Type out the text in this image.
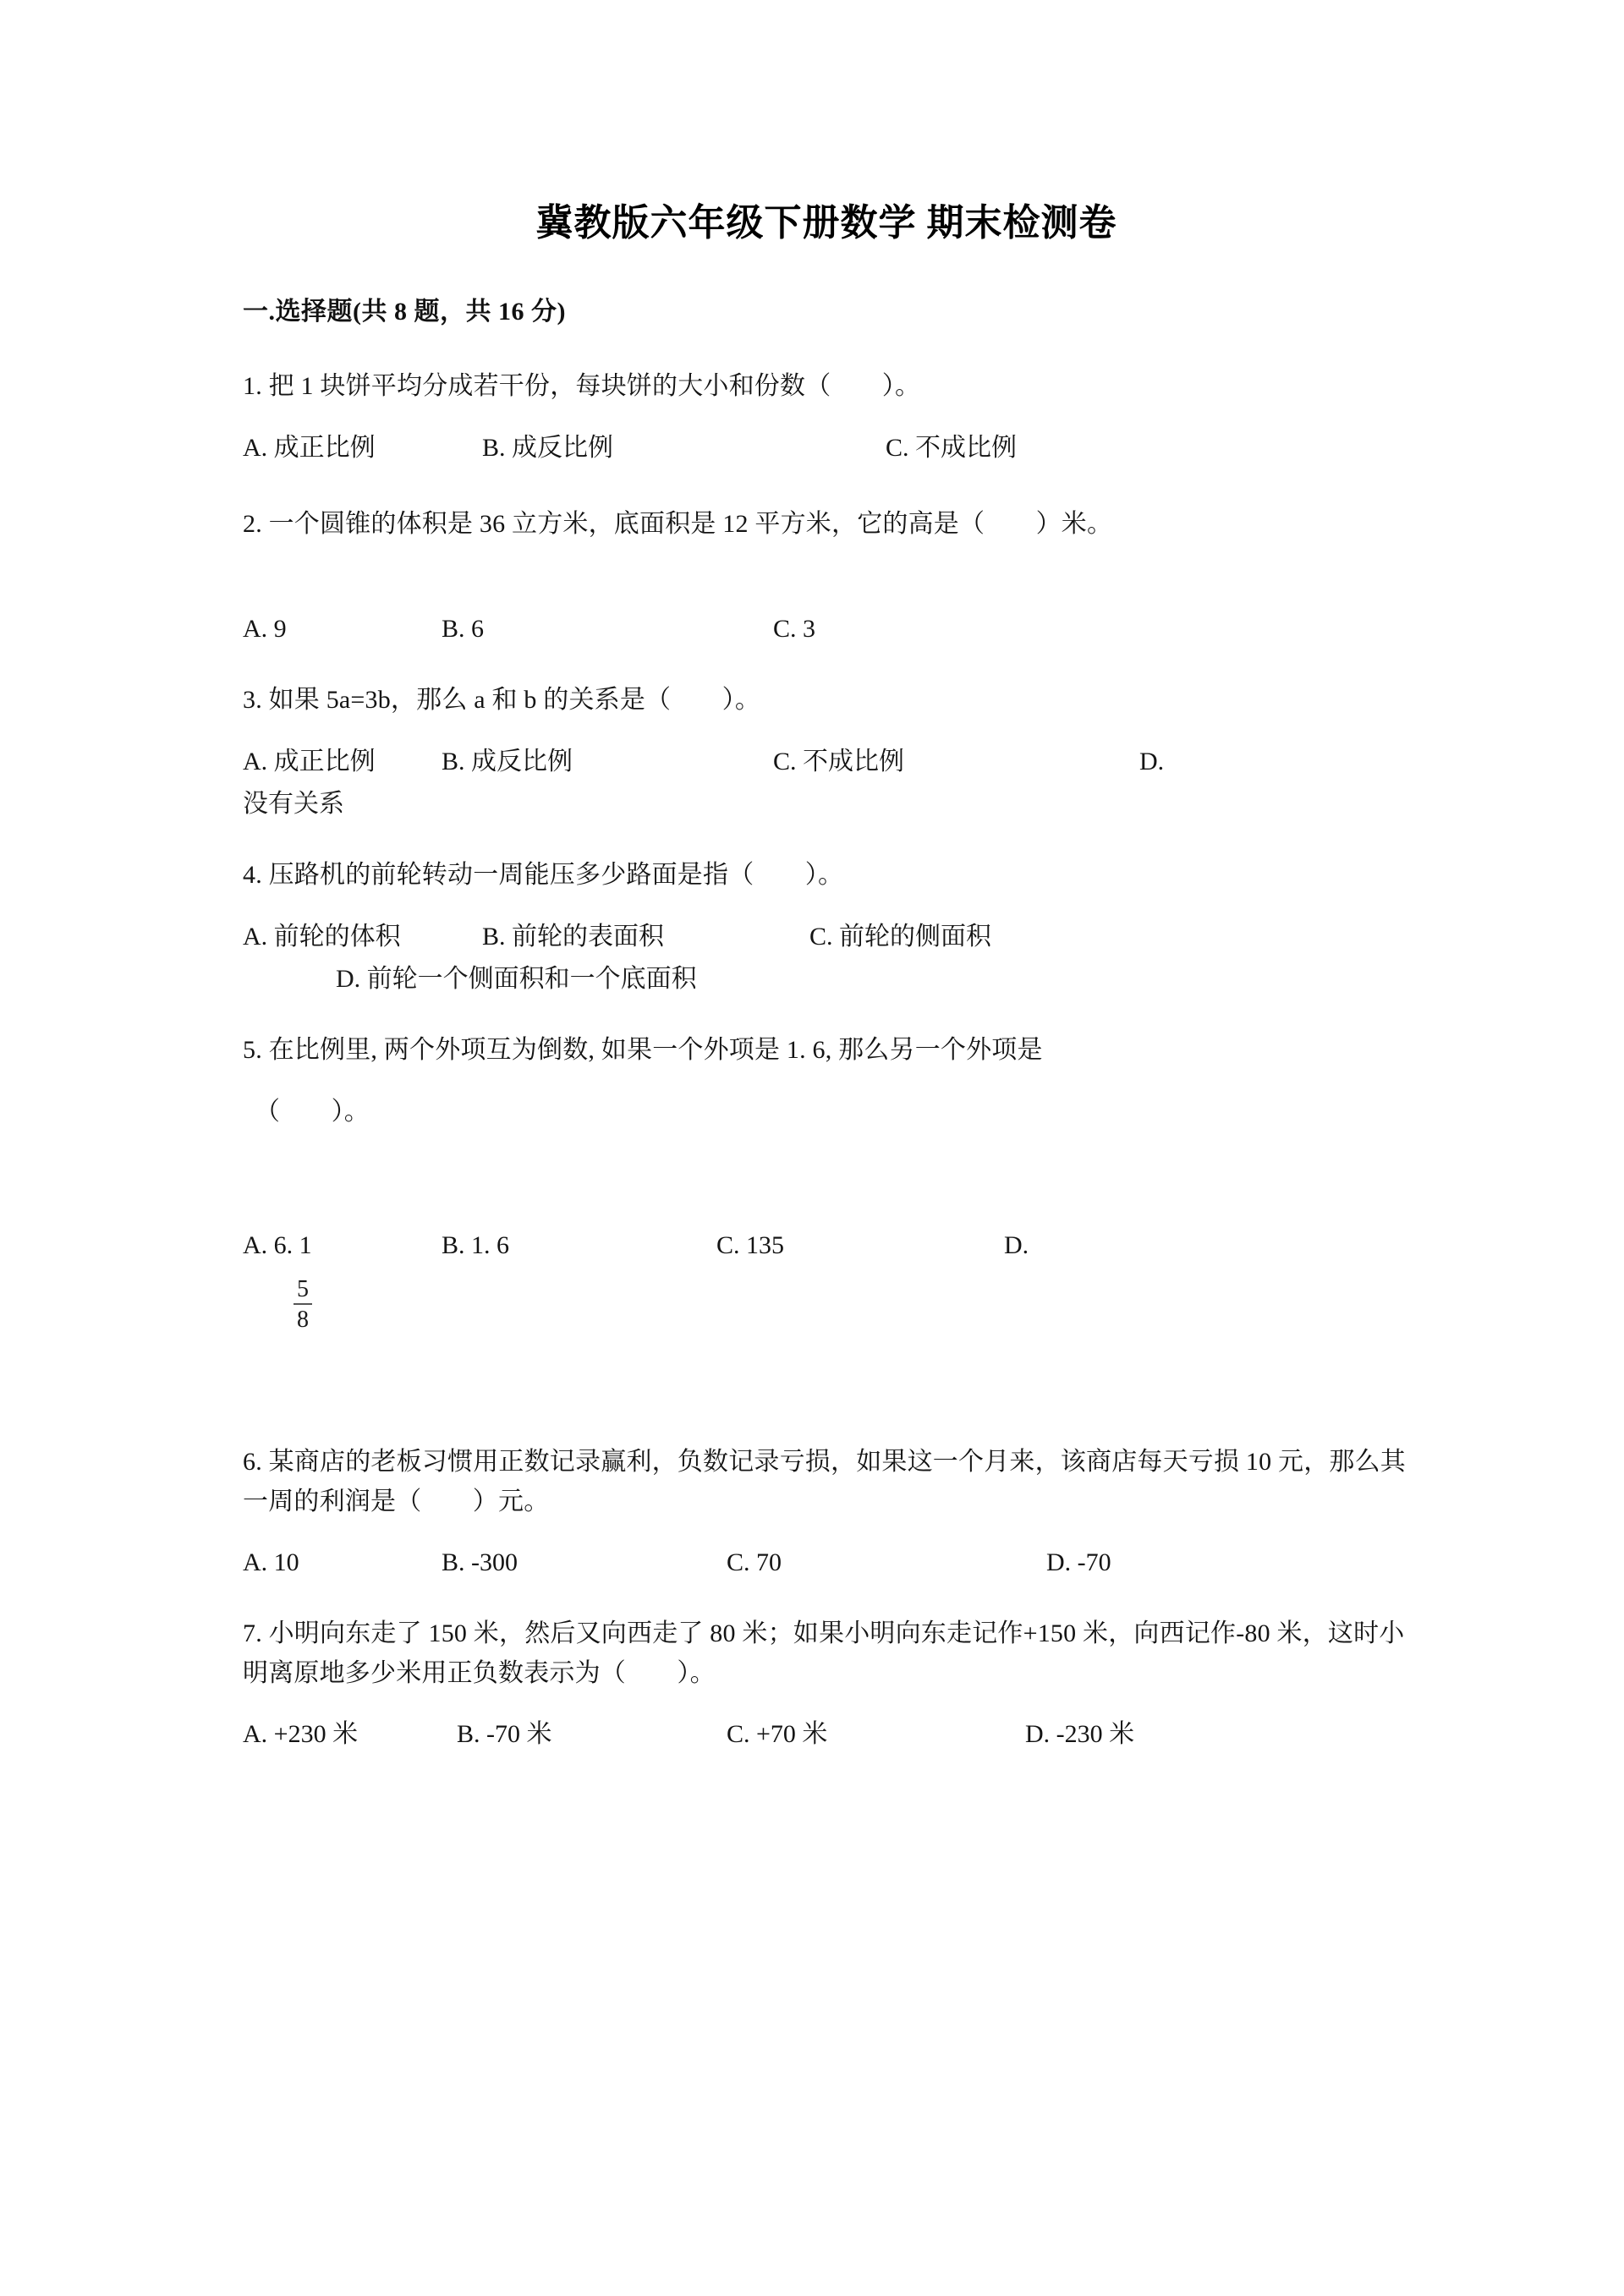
冀教版六年级下册数学 期末检测卷
一.选择题(共 8 题，共 16 分)
1. 把 1 块饼平均分成若干份，每块饼的大小和份数（　　）。
A. 成正比例	B. 成反比例	C. 不成比例
2. 一个圆锥的体积是 36 立方米，底面积是 12 平方米，它的高是（　　）米。
A. 9	B. 6	C. 3
3. 如果 5a=3b，那么 a 和 b 的关系是（　　）。
A. 成正比例	B. 成反比例	C. 不成比例	D.
没有关系
4. 压路机的前轮转动一周能压多少路面是指（　　）。
A. 前轮的体积	B. 前轮的表面积	C. 前轮的侧面积
D. 前轮一个侧面积和一个底面积
5. 在比例里, 两个外项互为倒数, 如果一个外项是 1. 6, 那么另一个外项是
（　　）。
A. 6. 1	B. 1. 6	C. 135	D.
5
8
6. 某商店的老板习惯用正数记录赢利，负数记录亏损，如果这一个月来，该商店每天亏损 10 元，那么其一周的利润是（　　）元。
A. 10	B. -300	C. 70	D. -70
7. 小明向东走了 150 米，然后又向西走了 80 米；如果小明向东走记作+150 米，向西记作-80 米，这时小明离原地多少米用正负数表示为（　　）。
A. +230 米	B. -70 米	C. +70 米	D. -230 米
